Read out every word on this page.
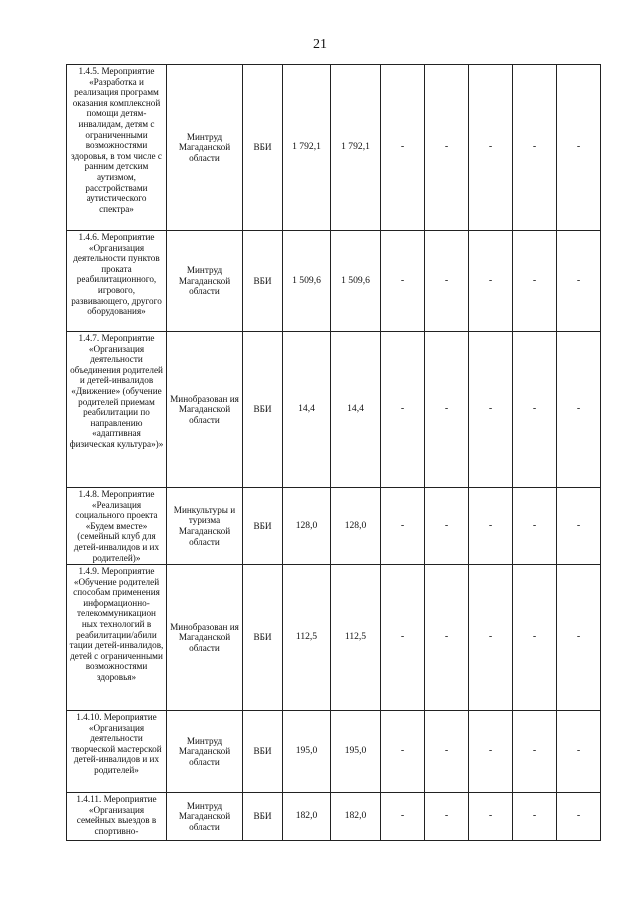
21
1.4.5. Мероприятие «Разработка и реализация программ оказания комплексной помощи детям-инвалидам, детям с ограниченными возможностями здоровья, в том числе с ранним детским аутизмом, расстройствами аутистического спектра»	Минтруд Магаданской области	ВБИ	1 792,1	1 792,1	-	-	-	-	-
1.4.6. Мероприятие «Организация деятельности пунктов проката реабилитационного, игрового, развивающего, другого оборудования»	Минтруд Магаданской области	ВБИ	1 509,6	1 509,6	-	-	-	-	-
1.4.7. Мероприятие «Организация деятельности объединения родителей и детей-инвалидов «Движение» (обучение родителей приемам реабилитации по направлению «адаптивная физическая культура»)»	Минобразован ия Магаданской области	ВБИ	14,4	14,4	-	-	-	-	-
1.4.8. Мероприятие «Реализация социального проекта «Будем вместе» (семейный клуб для детей-инвалидов и их родителей)»	Минкультуры и туризма Магаданской области	ВБИ	128,0	128,0	-	-	-	-	-
1.4.9. Мероприятие «Обучение родителей способам применения информационно-телекоммуникацион ных технологий в реабилитации/абили тации детей-инвалидов, детей с ограниченными возможностями здоровья»	Минобразован ия Магаданской области	ВБИ	112,5	112,5	-	-	-	-	-
1.4.10. Мероприятие «Организация деятельности творческой мастерской детей-инвалидов и их родителей»	Минтруд Магаданской области	ВБИ	195,0	195,0	-	-	-	-	-
1.4.11. Мероприятие «Организация семейных выездов в спортивно-	Минтруд Магаданской области	ВБИ	182,0	182,0	-	-	-	-	-
